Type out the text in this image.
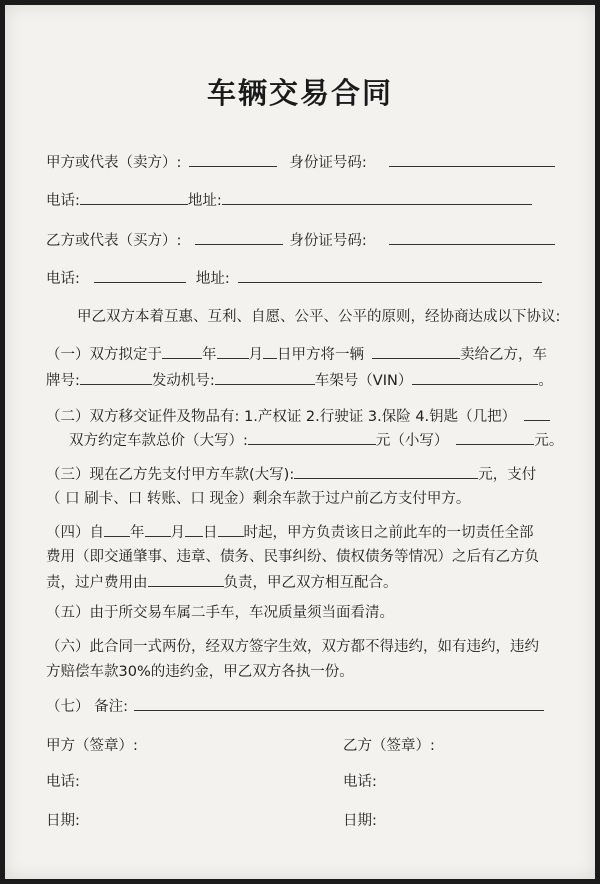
车辆交易合同
甲方或代表（卖方）:	身份证号码:
电话:	地址:
乙方或代表（买方）:	身份证号码:
电话:	地址:
甲乙双方本着互惠、互利、自愿、公平、公平的原则，经协商达成以下协议:
（一）双方拟定于	年 月 日甲方将一辆	卖给乙方，车
牌号:	发动机号:	车架号（VIN）	。
（二）双方移交证件及物品有: 1.产权证 2.行驶证 3.保险 4.钥匙（几把）
双方约定车款总价（大写）:	元（小写）	元。
（三）现在乙方先支付甲方车款(大写):	元，支付
（ 口 刷卡、口 转账、口 现金）剩余车款于过户前乙方支付甲方。
（四）自 年 月 日 时起，甲方负责该日之前此车的一切责任全部
费用（即交通肇事、违章、债务、民事纠纷、债权债务等情况）之后有乙方负
责，过户费用由	负责，甲乙双方相互配合。
（五）由于所交易车属二手车，车况质量须当面看清。
（六）此合同一式两份，经双方签字生效，双方都不得违约，如有违约，违约
方赔偿车款30%的违约金，甲乙双方各执一份。
（七） 备注:
甲方（签章）:	乙方（签章）:
电话:	电话:
日期:	日期:
